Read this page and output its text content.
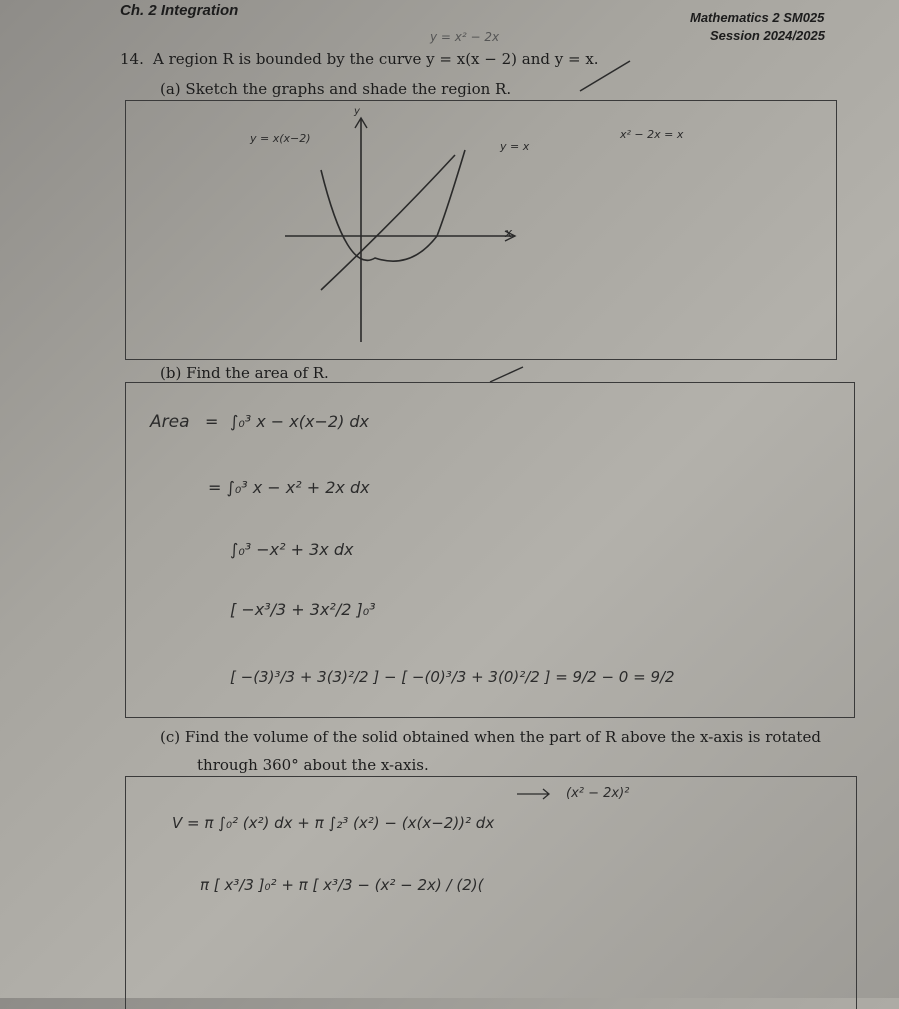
Ch. 2 Integration	Mathematics 2 SM025

Session 2024/2025

y = x² − 2x

14. A region R is bounded by the curve y = x(x − 2) and y = x.

(a) Sketch the graphs and shade the region R.

y = x(x−2)

y = x

y

x

x² − 2x = x

(b) Find the area of R.

Area = ∫₀³ x − x(x−2) dx

= ∫₀³ x − x² + 2x dx

∫₀³ −x² + 3x dx

[ −x³/3 + 3x²/2 ]₀³

[ −(3)³/3 + 3(3)²/2 ] − [ −(0)³/3 + 3(0)²/2 ] = 9/2 − 0 = 9/2

(c) Find the volume of the solid obtained when the part of R above the x-axis is rotated

through 360° about the x-axis.

(x² − 2x)²

V = π ∫₀² (x²) dx + π ∫₂³ (x²) − (x(x−2))² dx

π [ x³/3 ]₀² + π [ x³/3 − (x² − 2x) / (2)(
